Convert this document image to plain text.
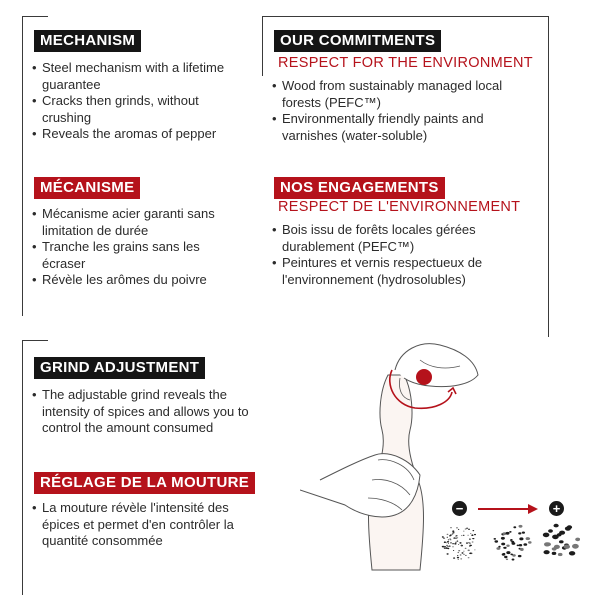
MECHANISM
• Steel mechanism with a lifetime guarantee
• Cracks then grinds, without crushing
• Reveals the aromas of pepper
MÉCANISME
• Mécanisme acier garanti sans limitation de durée
• Tranche les grains sans les écraser
• Révèle les arômes du poivre
OUR COMMITMENTS
RESPECT FOR THE ENVIRONMENT
• Wood from sustainably managed local forests (PEFC™)
• Environmentally friendly paints and varnishes (water-soluble)
NOS ENGAGEMENTS
RESPECT DE L'ENVIRONNEMENT
• Bois issu de forêts locales gérées durablement (PEFC™)
• Peintures et vernis respectueux de l'environnement (hydrosolubles)
GRIND ADJUSTMENT
• The adjustable grind reveals the intensity of spices and allows you to control the amount consumed
RÉGLAGE DE LA MOUTURE
• La mouture révèle l'intensité des épices et permet d'en contrôler la quantité consommée
−	+
